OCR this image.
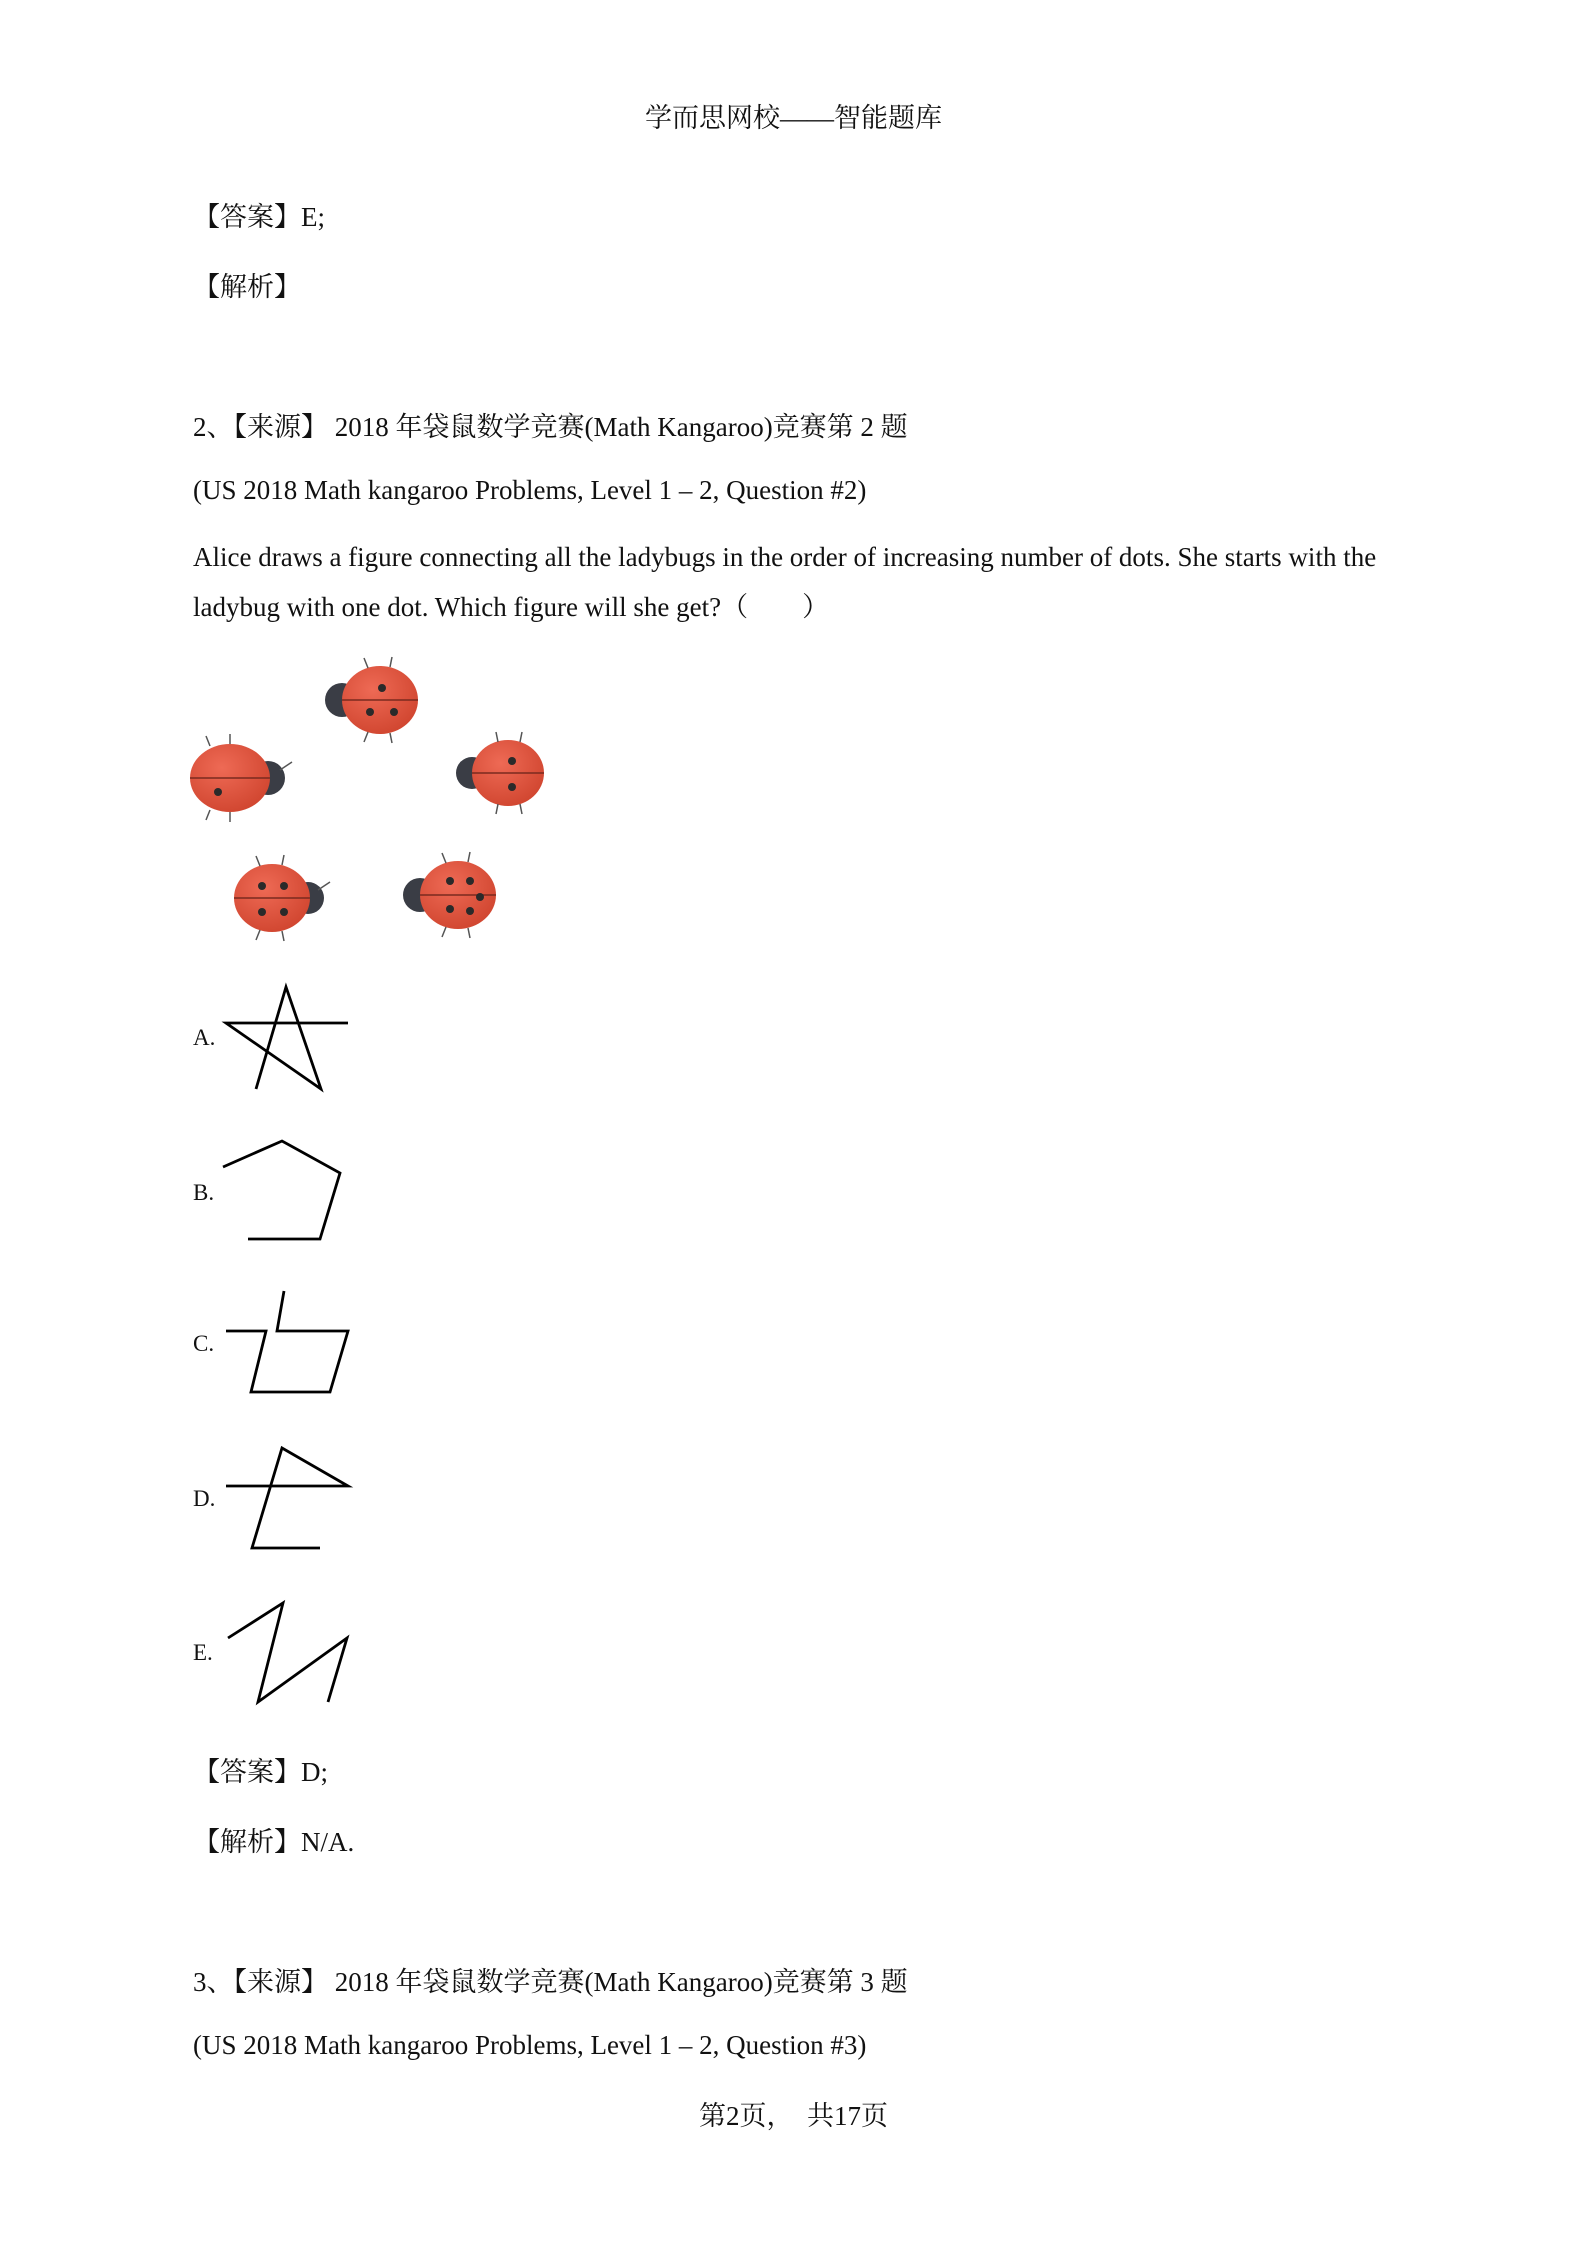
学而思网校——智能题库
【答案】E;
【解析】
2、【来源】 2018 年袋鼠数学竞赛(Math Kangaroo)竞赛第 2 题
(US 2018 Math kangaroo Problems, Level 1 – 2, Question #2)
Alice draws a figure connecting all the ladybugs in the order of increasing number of dots. She starts with the ladybug with one dot. Which figure will she get?（　　）
A.
B.
C.
D.
E.
【答案】D;
【解析】N/A.
3、【来源】 2018 年袋鼠数学竞赛(Math Kangaroo)竞赛第 3 题
(US 2018 Math kangaroo Problems, Level 1 – 2, Question #3)
第2页，　共17页
